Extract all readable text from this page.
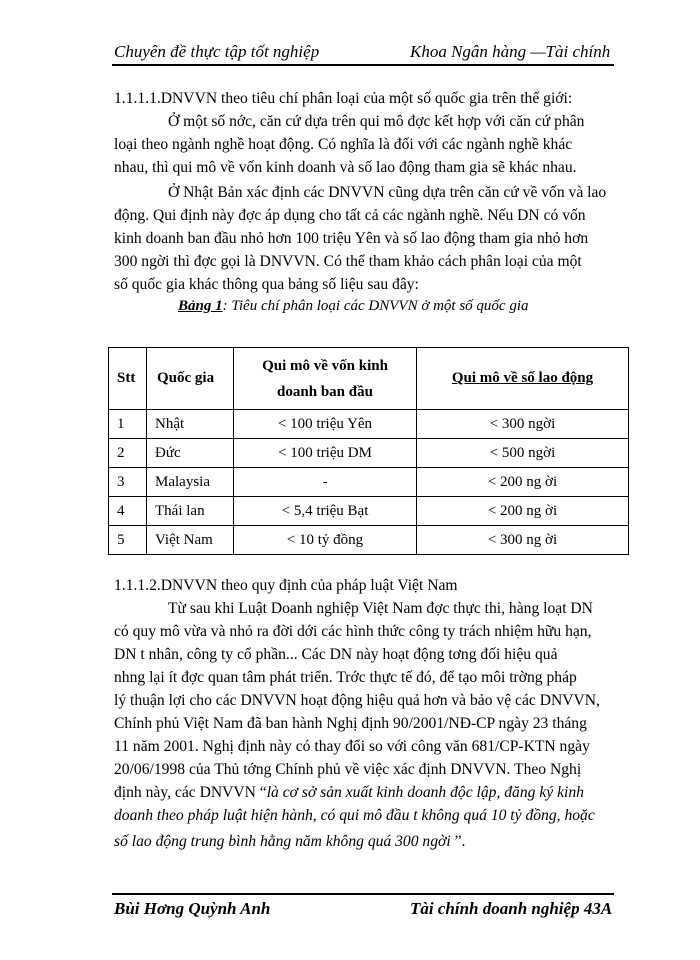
Chuyên đề thực tập tốt nghiệp	Khoa Ngân hàng —Tài chính
1.1.1.1.DNVVN theo tiêu chí phân loại của một số quốc gia trên thế giới:
Ở một số nớc, căn cứ dựa trên qui mô đợc kết hợp với căn cứ phân
loại theo ngành nghề hoạt động. Có nghĩa là đối với các ngành nghề khác
nhau, thì qui mô về vốn kinh doanh và số lao động tham gia sẽ khác nhau.
Ở Nhật Bản xác định các DNVVN cũng dựa trên căn cứ về vốn và lao
động. Qui định này đợc áp dụng cho tất cả các ngành nghề. Nếu DN có vốn
kinh doanh ban đầu nhỏ hơn 100 triệu Yên và số lao động tham gia nhỏ hơn
300 ngời thì đợc gọi là DNVVN. Có thể tham khảo cách phân loại của một
số quốc gia khác thông qua bảng số liệu sau đây:
Bảng 1: Tiêu chí phân loại các DNVVN ở một số quốc gia
Stt	Quốc gia	Qui mô về vốn kinh
doanh ban đầu	Qui mô về số lao động
1	Nhật	< 100 triệu Yên	< 300 ngời
2	Đức	< 100 triệu DM	< 500 ngời
3	Malaysia	-	< 200 ng ời
4	Thái lan	< 5,4 triệu Bạt	< 200 ng ời
5	Việt Nam	< 10 tỷ đồng	< 300 ng ời
1.1.1.2.DNVVN theo quy định của pháp luật Việt Nam
Từ sau khi Luật Doanh nghiệp Việt Nam đợc thực thi, hàng loạt DN
có quy mô vừa và nhỏ ra đời dới các hình thức công ty trách nhiệm hữu hạn,
DN t nhân, công ty cổ phần... Các DN này hoạt động tơng đối hiệu quả
nhng lại ít đợc quan tâm phát triển. Trớc thực tế đó, để tạo môi trờng pháp
lý thuận lợi cho các DNVVN hoạt động hiệu quả hơn và bảo vệ các DNVVN,
Chính phủ Việt Nam đã ban hành Nghị định 90/2001/NĐ-CP ngày 23 tháng
11 năm 2001. Nghị định này có thay đổi so với công văn 681/CP-KTN ngày
20/06/1998 của Thủ tớng Chính phủ về việc xác định DNVVN. Theo Nghị
định này, các DNVVN “là cơ sở sản xuất kinh doanh độc lập, đăng ký kinh
doanh theo pháp luật hiện hành, có qui mô đầu t không quá 10 tỷ đồng, hoặc
số lao động trung bình hằng năm không quá 300 ngời ”.
Bùi Hơng Quỳnh Anh	Tài chính doanh nghiệp 43A
